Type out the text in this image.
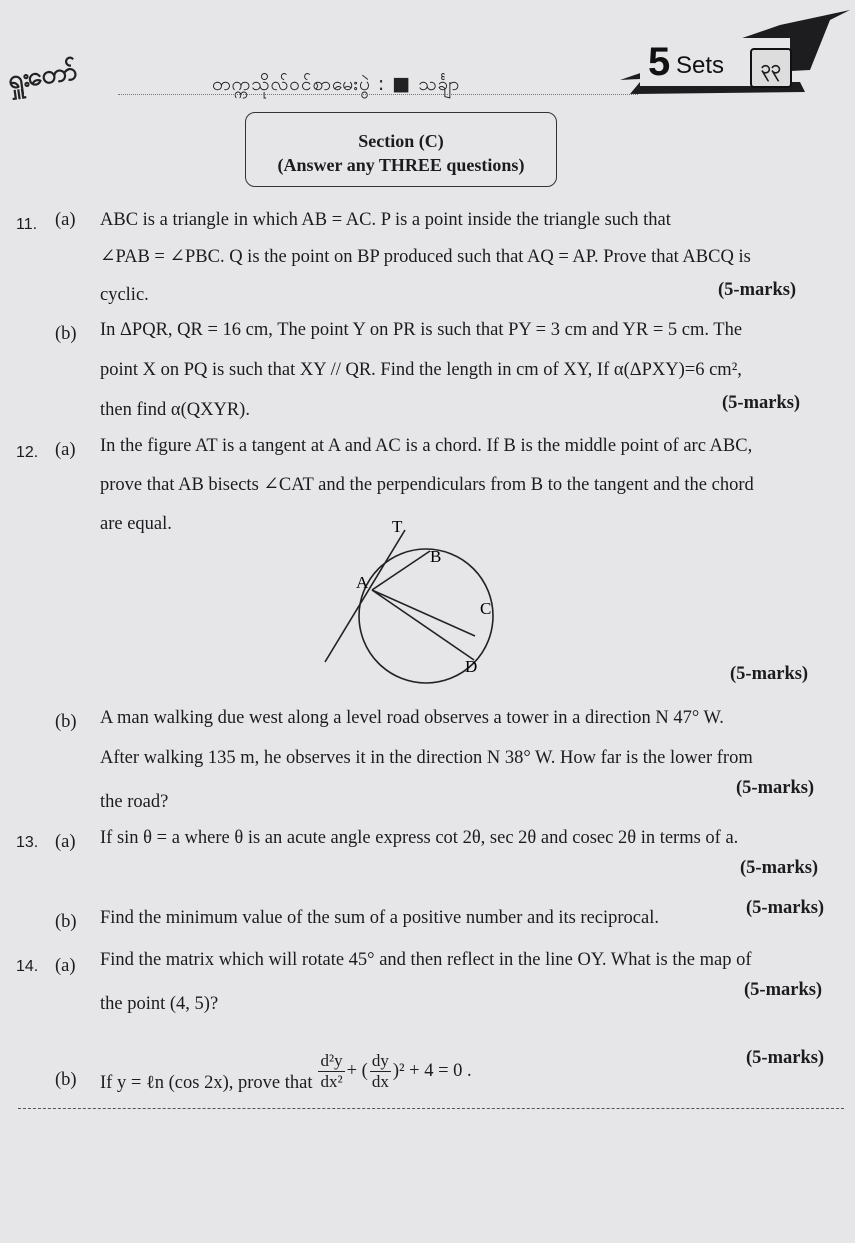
ရှူးတော်	တက္ကသိုလ်ဝင်စာမေးပွဲ : ■ သင်္ချာ	5 Sets	၃၃
Section (C)
(Answer any THREE questions)
11. (a) ABC is a triangle in which AB = AC. P is a point inside the triangle such that
∠PAB = ∠PBC. Q is the point on BP produced such that AQ = AP. Prove that ABCQ is
cyclic.	(5-marks)
(b) In ΔPQR, QR = 16 cm, The point Y on PR is such that PY = 3 cm and YR = 5 cm. The
point X on PQ is such that XY // QR. Find the length in cm of XY, If α(ΔPXY)=6 cm²,
then find α(QXYR).	(5-marks)
12. (a) In the figure AT is a tangent at A and AC is a chord. If B is the middle point of arc ABC,
prove that AB bisects ∠CAT and the perpendiculars from B to the tangent and the chord
are equal.	T
B
A
C
D	(5-marks)
(b) A man walking due west along a level road observes a tower in a direction N 47° W.
After walking 135 m, he observes it in the direction N 38° W. How far is the lower from
the road?
(5-marks)
13. (a) If sin θ = a where θ is an acute angle express cot 2θ, sec 2θ and cosec 2θ in terms of a.
(5-marks)
(b) Find the minimum value of the sum of a positive number and its reciprocal.	(5-marks)
14. (a) Find the matrix which will rotate 45° and then reflect in the line OY. What is the map of
the point (4, 5)?
(5-marks)
(b) If y = ℓn (cos 2x), prove that $\frac{\text{d²y}}{\text{dx²}}$ + ( $\frac{dy}{dx} )^2 + 4 = 0$ .
(5-marks)
